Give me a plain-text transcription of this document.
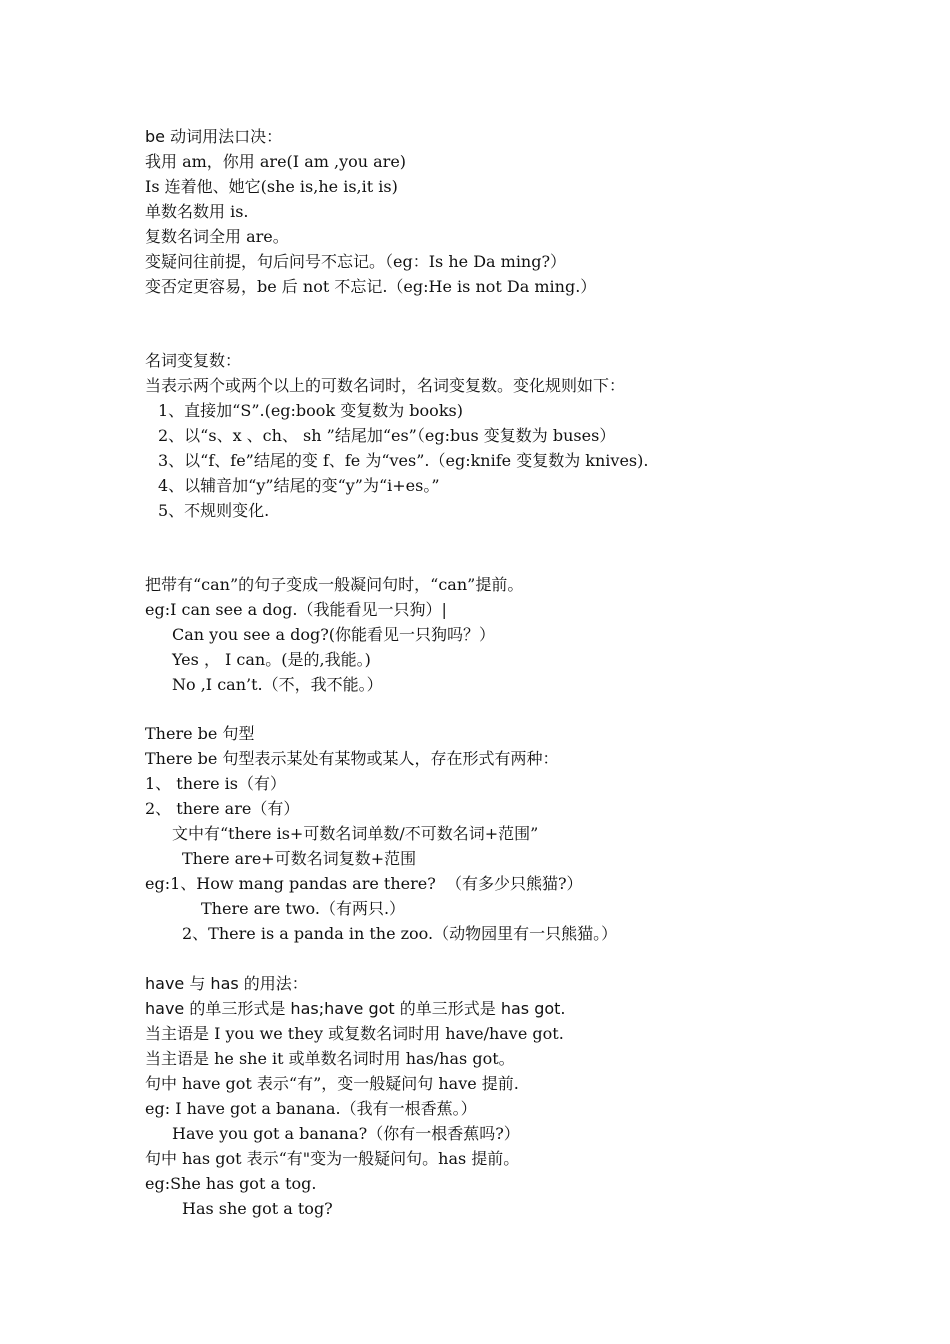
be 动词用法口决：
我用 am，你用 are(I am ,you are)
Is 连着他、她它(she is,he is,it is)
单数名数用 is.
复数名词全用 are。
变疑问往前提，句后问号不忘记。（eg：Is he Da ming?）
变否定更容易，be 后 not 不忘记.（eg:He is not Da ming.）
名词变复数：
当表示两个或两个以上的可数名词时，名词变复数。变化规则如下：
1、直接加“S”.(eg:book 变复数为 books)
2、以“s、x 、ch、 sh ”结尾加“es”（eg:bus 变复数为 buses）
3、以“f、fe”结尾的变 f、fe 为“ves”.（eg:knife 变复数为 knives).
4、以辅音加“y”结尾的变“y”为“i+es。”
5、不规则变化.
把带有“can”的句子变成一般凝问句时，“can”提前。
eg:I can see a dog.（我能看见一只狗）|
Can you see a dog?(你能看见一只狗吗？）
Yes ， I can。(是的,我能。)
No ,I can’t.（不，我不能。）
There be 句型
There be 句型表示某处有某物或某人，存在形式有两种：
1、 there is（有）
2、 there are（有）
文中有“there is+可数名词单数/不可数名词+范围”
There are+可数名词复数+范围
eg:1、How mang pandas are there?  （有多少只熊猫?）
There are two.（有两只.）
2、There is a panda in the zoo.（动物园里有一只熊猫。）
have 与 has 的用法：
have 的单三形式是 has;have got 的单三形式是 has got.
当主语是 I you we they 或复数名词时用 have/have got.
当主语是 he she it 或单数名词时用 has/has got。
句中 have got 表示“有”，变一般疑问句 have 提前.
eg: I have got a banana.（我有一根香蕉。）
Have you got a banana?（你有一根香蕉吗?）
句中 has got 表示“有"变为一般疑问句。has 提前。
eg:She has got a tog.
Has she got a tog?
